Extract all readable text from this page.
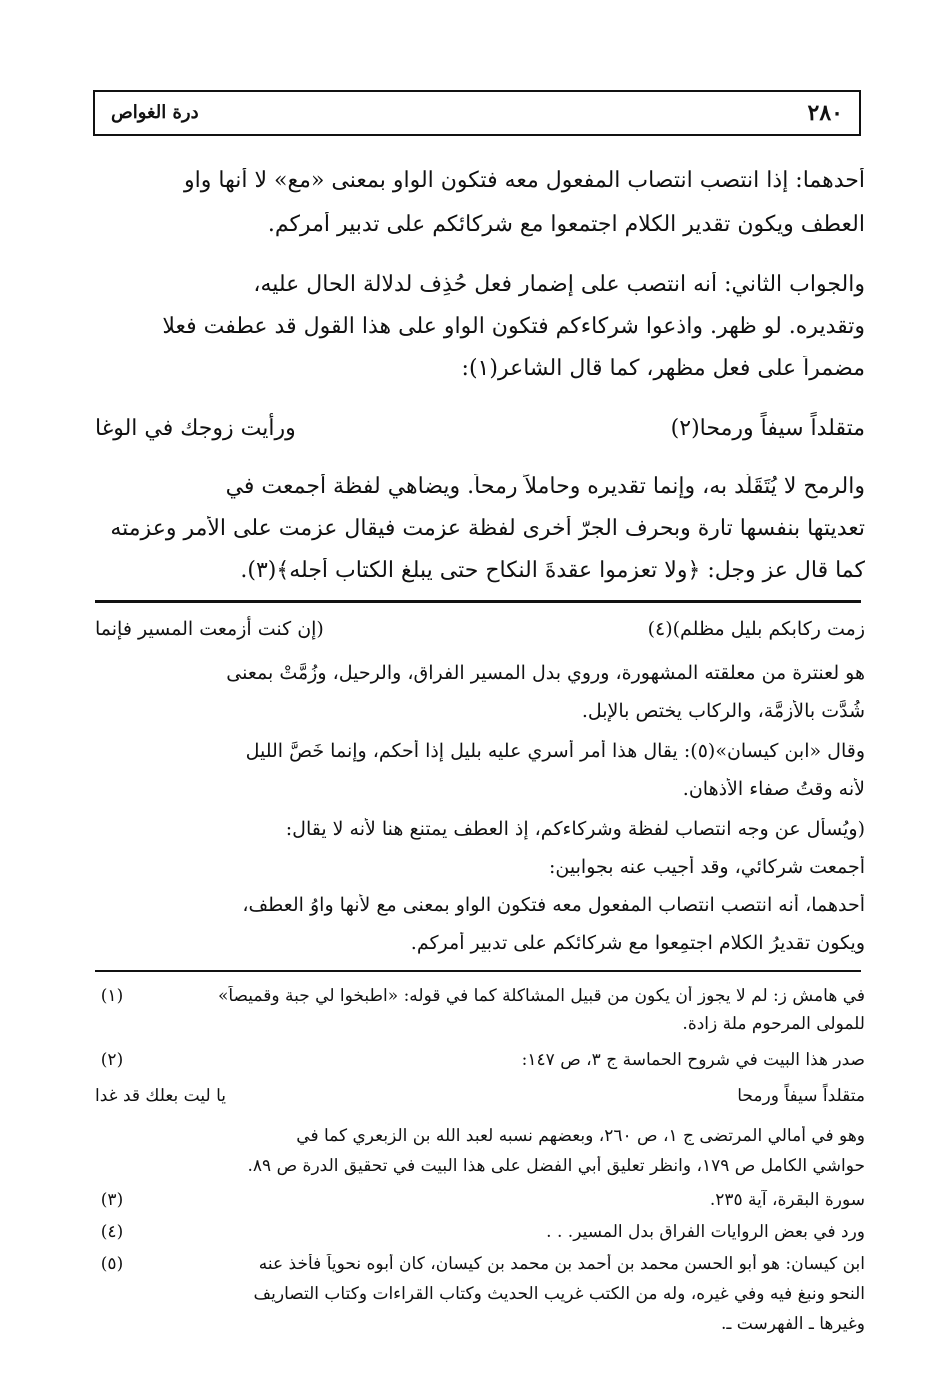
٢٨٠
درة الغواص
أحدهما: إذا انتصب انتصاب المفعول معه فتكون الواو بمعنى «مع» لا أنها واو
العطف ويكون تقدير الكلام اجتمعوا مع شركائكم على تدبير أمركم.
والجواب الثاني: أنه انتصب على إضمار فعل حُذِف لدلالة الحال عليه،
وتقديره. لو ظهر. واذعوا شركاءكم فتكون الواو على هذا القول قد عطفت فعلا
مضمراً على فعل مظهر، كما قال الشاعر(١):
ورأيت زوجك في الوغا	متقلداً سيفاً ورمحا(٢)
والرمح لا يُتَقَلَّد به، وإنما تقديره وحاملاً رمحاً. ويضاهي لفظة أجمعت في
تعديتها بنفسها تارة وبحرف الجرّ أخرى لفظة عزمت فيقال عزمت على الأمر وعزمته
كما قال عز وجل: ﴿ولا تعزموا عقدةَ النكاح حتى يبلغ الكتاب أجله﴾(٣).
(إن كنت أزمعت المسير فإنما	زمت ركابكم بليل مظلم)(٤)
هو لعنترة من معلقته المشهورة، وروي بدل المسير الفراق، والرحيل، وزُمَّتْ بمعنى
شُدَّت بالأزمَّة، والركاب يختص بالإبل.
وقال «ابن كيسان»(٥): يقال هذا أمر أسري عليه بليل إذا أُحكم، وإنما خَصَّ الليل
لأنه وقتُ صفاء الأذهان.
(ويُسأَل عن وجه انتصاب لفظة وشركاءكم، إذ العطف يمتنع هنا لأنه لا يقال:
أجمعت شركائي، وقد أجيب عنه بجوابين:
أحدهما، أنه انتصب انتصاب المفعول معه فتكون الواو بمعنى مع لأنها واوُ العطف،
ويكون تقديرُ الكلام اجتمِعوا مع شركائكم على تدبير أمركم.
(١)	في هامش ز: لم لا يجوز أن يكون من قبيل المشاكلة كما في قوله: «اطبخوا لي جبة وقميصاً»
للمولى المرحوم ملة زادة.
(٢)	صدر هذا البيت في شروح الحماسة ج ٣، ص ١٤٧:
يا ليت بعلك قد غدا	متقلداً سيفاً ورمحا
وهو في أمالي المرتضى ج ١، ص ٢٦٠، وبعضهم نسبه لعبد الله بن الزبعري كما في
حواشي الكامل ص ١٧٩، وانظر تعليق أبي الفضل على هذا البيت في تحقيق الدرة ص ٨٩.
(٣)	سورة البقرة، آية ٢٣٥.
(٤)	ورد في بعض الروايات الفراق بدل المسير. . .
(٥)	ابن كيسان: هو أبو الحسن محمد بن أحمد بن محمد بن كيسان، كان أبوه نحوياً فأخذ عنه
النحو ونبغ فيه وفي غيره، وله من الكتب غريب الحديث وكتاب القراءات وكتاب التصاريف
وغيرها ـ الفهرست ـ.
